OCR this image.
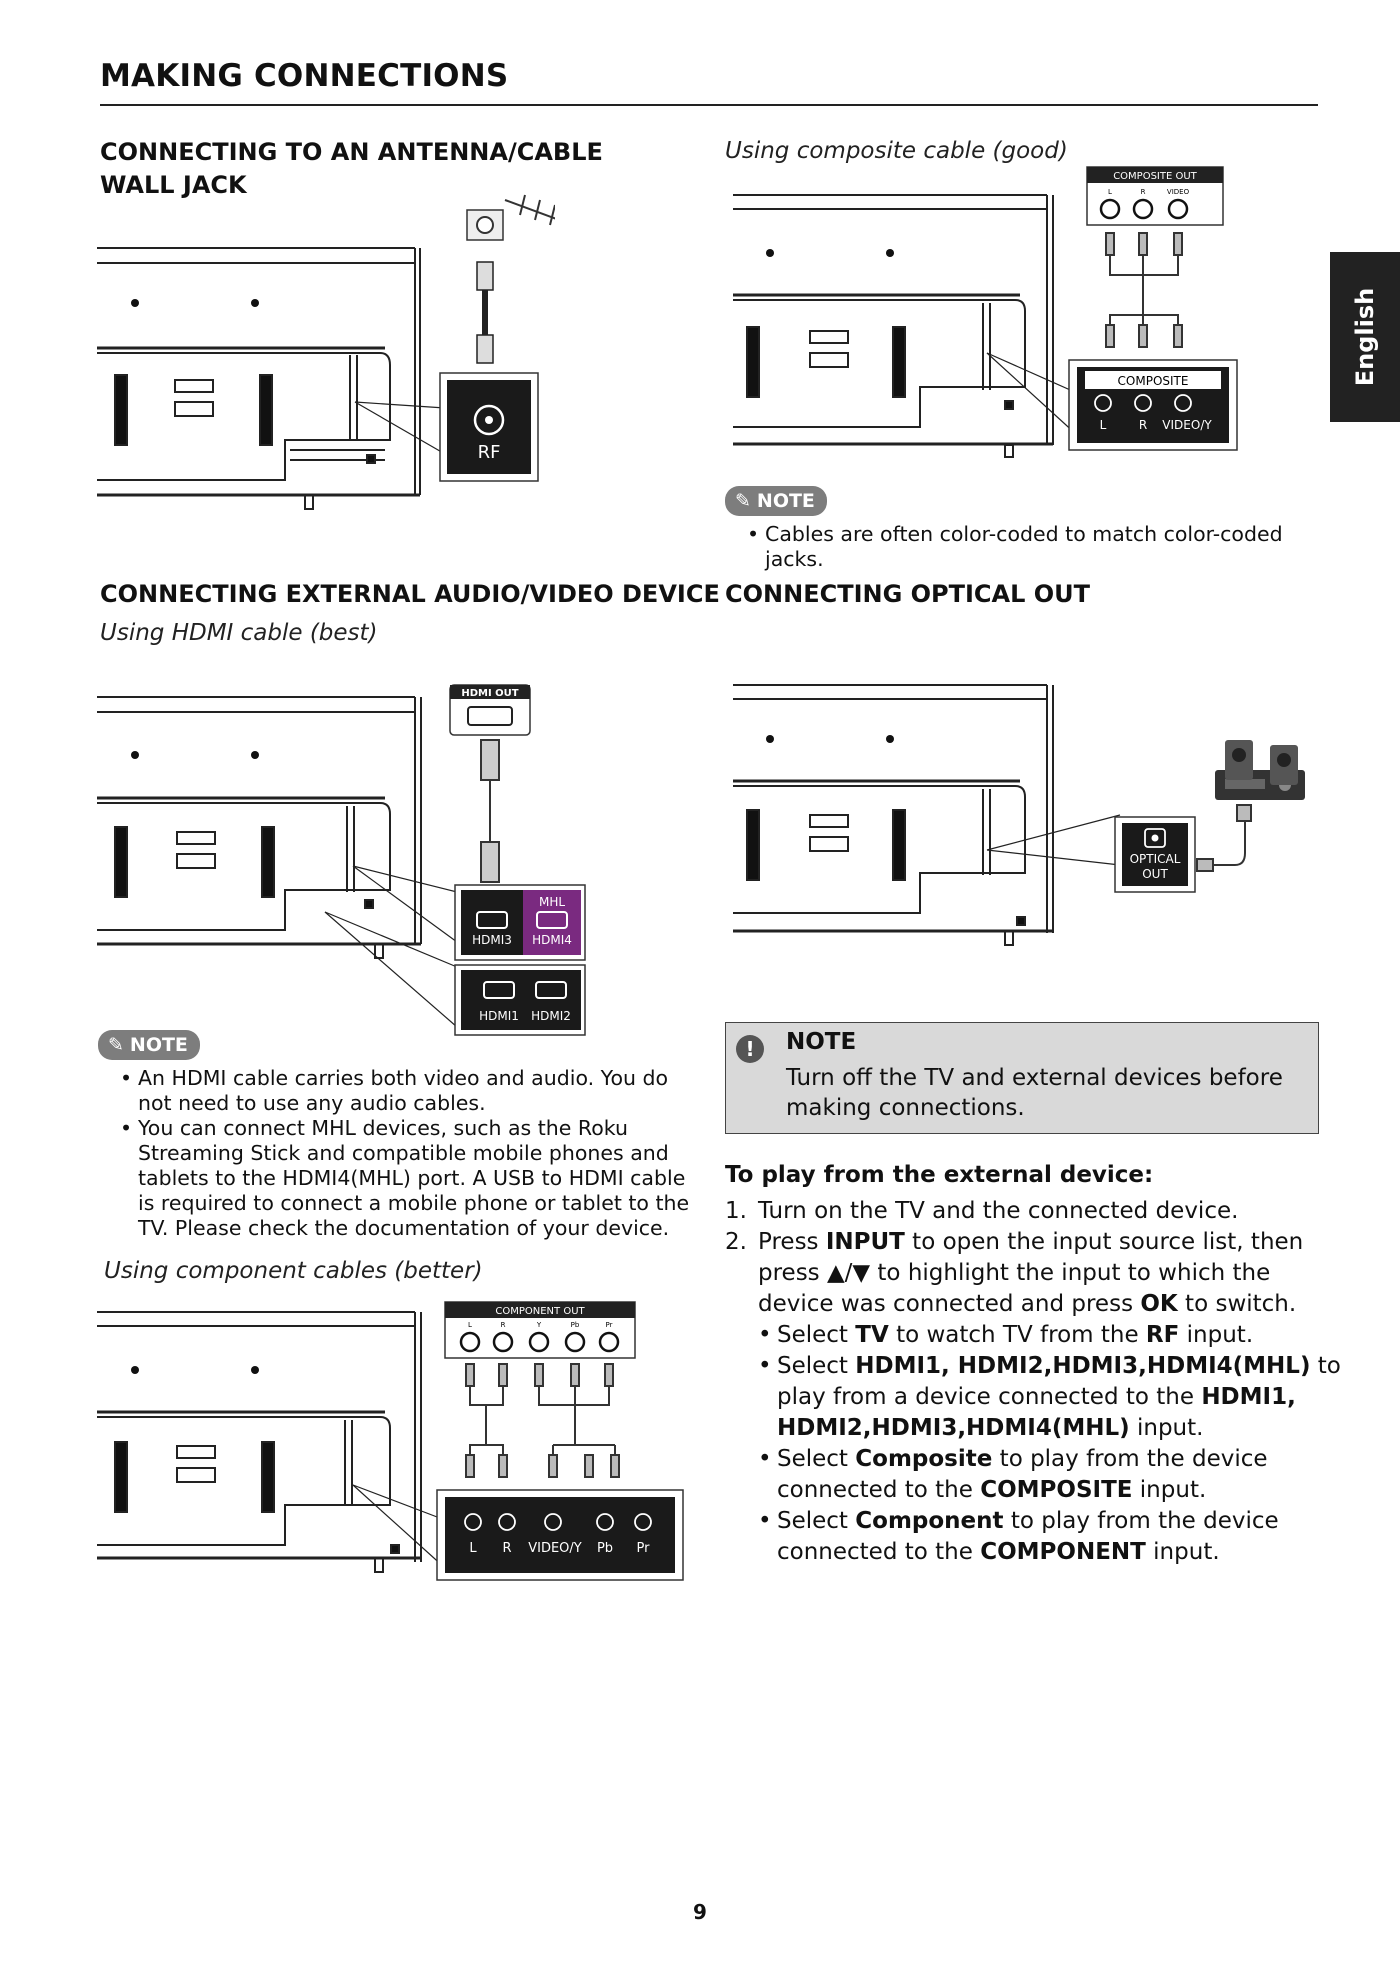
MAKING CONNECTIONS
English
CONNECTING TO AN ANTENNA/CABLE WALL JACK
RF
Using composite cable (good)
COMPOSITE OUT
L	R	VIDEO
COMPOSITE
L	R VIDEO/Y
✎ NOTE
• Cables are often color-coded to match color-coded jacks.
CONNECTING EXTERNAL AUDIO/VIDEO DEVICE
Using HDMI cable (best)
HDMI OUT
MHL
HDMI3 HDMI4
HDMI1 HDMI2
✎ NOTE
• An HDMI cable carries both video and audio. You do not need to use any audio cables.
• You can connect MHL devices, such as the Roku Streaming Stick and compatible mobile phones and tablets to the HDMI4(MHL) port. A USB to HDMI cable is required to connect a mobile phone or tablet to the TV. Please check the documentation of your device.
Using component cables (better)
COMPONENT OUT
L	R	Y	Pb	Pr
L R VIDEO/Y Pb Pr
CONNECTING OPTICAL OUT
OPTICAL
OUT
!	NOTE
Turn off the TV and external devices before making connections.
To play from the external device:
1. Turn on the TV and the connected device.
2. Press INPUT to open the input source list, then press ▲/▼ to highlight the input to which the device was connected and press OK to switch.
• Select TV to watch TV from the RF input.
• Select HDMI1, HDMI2,HDMI3,HDMI4(MHL) to play from a device connected to the HDMI1, HDMI2,HDMI3,HDMI4(MHL) input.
• Select Composite to play from the device connected to the COMPOSITE input.
• Select Component to play from the device connected to the COMPONENT input.
9
